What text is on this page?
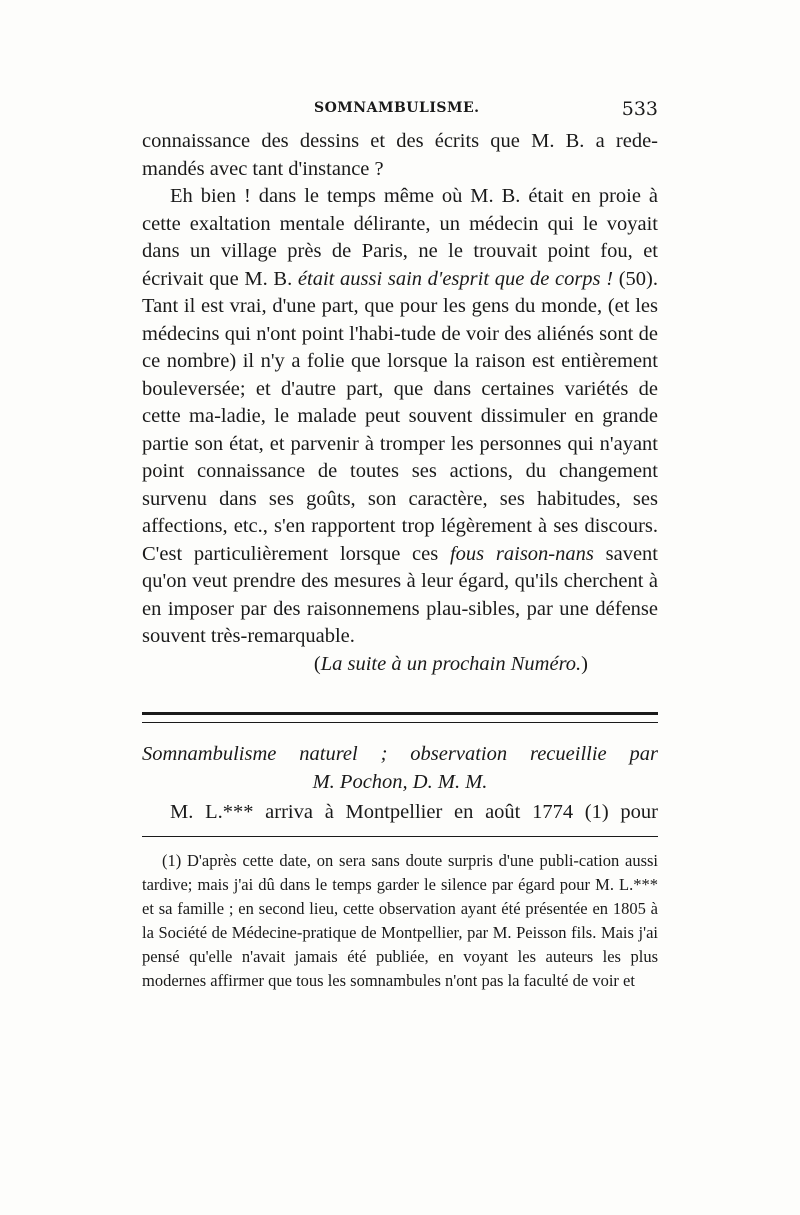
SOMNAMBULISME.	533

connaissance des dessins et des écrits que M. B. a rede-mandés avec tant d'instance ?

Eh bien ! dans le temps même où M. B. était en proie à cette exaltation mentale délirante, un médecin qui le voyait dans un village près de Paris, ne le trouvait point fou, et écrivait que M. B. était aussi sain d'esprit que de corps ! (50). Tant il est vrai, d'une part, que pour les gens du monde, (et les médecins qui n'ont point l'habi-tude de voir des aliénés sont de ce nombre) il n'y a folie que lorsque la raison est entièrement bouleversée; et d'autre part, que dans certaines variétés de cette ma-ladie, le malade peut souvent dissimuler en grande partie son état, et parvenir à tromper les personnes qui n'ayant point connaissance de toutes ses actions, du changement survenu dans ses goûts, son caractère, ses habitudes, ses affections, etc., s'en rapportent trop légèrement à ses discours. C'est particulièrement lorsque ces fous raison-nans savent qu'on veut prendre des mesures à leur égard, qu'ils cherchent à en imposer par des raisonnemens plau-sibles, par une défense souvent très-remarquable.

(La suite à un prochain Numéro.)

Somnambulisme naturel ; observation recueillie par
M. Pochon, D. M. M.
M. L.*** arriva à Montpellier en août 1774 (1) pour
(1) D'après cette date, on sera sans doute surpris d'une publi-cation aussi tardive; mais j'ai dû dans le temps garder le silence par égard pour M. L.*** et sa famille ; en second lieu, cette observation ayant été présentée en 1805 à la Société de Médecine-pratique de Montpellier, par M. Peisson fils. Mais j'ai pensé qu'elle n'avait jamais été publiée, en voyant les auteurs les plus modernes affirmer que tous les somnambules n'ont pas la faculté de voir et
